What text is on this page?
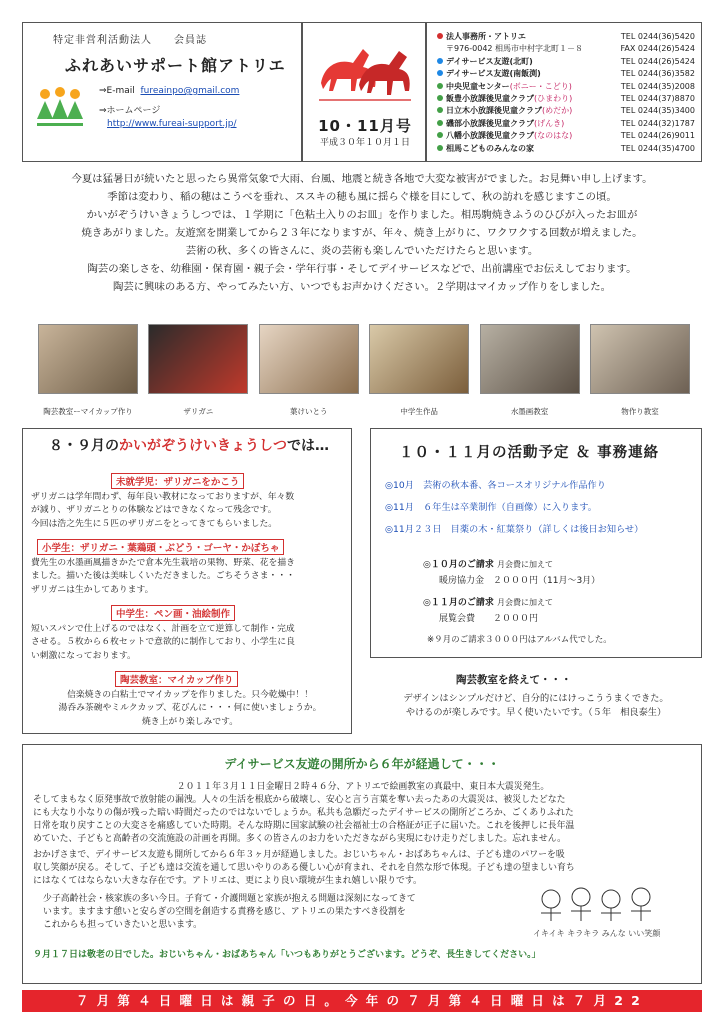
特定非営利活動法人　　会員誌
ふれあいサポート館アトリエ
⇒E-mail fureainpo@gmail.com
⇒ホームページ
http://www.fureai-support.jp/	10・11月号
平成３０年１０月１日
法人事務所・アトリエ	TEL 0244(36)5420
〒976-0042 相馬市中村字北町１－８	FAX 0244(26)5424
デイサービス友遊(北町)	TEL 0244(26)5424
デイサービス友遊(南飯渕)	TEL 0244(36)3582
中央児童センター(ボニー・こどり)	TEL 0244(35)2008
飯豊小放課後児童クラブ(ひまわり)	TEL 0244(37)8870
日立木小放課後児童クラブ(めだか)	TEL 0244(35)3400
磯部小放課後児童クラブ(げんき)	TEL 0244(32)1787
八幡小放課後児童クラブ(なのはな)	TEL 0244(26)9011
相馬こどものみんなの家	TEL 0244(35)4700
今夏は猛暑日が続いたと思ったら異常気象で大雨、台風、地震と続き各地で大変な被害がでました。お見舞い申し上げます。
季節は変わり、稲の穂はこうべを垂れ、ススキの穂も風に揺らぐ様を目にして、秋の訪れを感じますこの頃。
かいがぞうけいきょうしつでは、１学期に「色粘土入りのお皿」を作りました。相馬駒焼きふうのひびが入ったお皿が
焼きあがりました。友遊窯を開業してから２３年になりますが、年々、焼き上がりに、ワクワクする回数が増えました。
芸術の秋、多くの皆さんに、炎の芸術も楽しんでいただけたらと思います。
陶芸の楽しさを、幼稚園・保育園・親子会・学年行事・そしてデイサービスなどで、出前講座でお伝えしております。
陶芸に興味のある方、やってみたい方、いつでもお声かけください。２学期はマイカップ作りをしました。
陶芸教室ーマイカップ作り	ザリガニ	葉けいとう	中学生作品	水墨画教室	物作り教室
８・９月のかいがぞうけいきょうしつでは…
未就学児：ザリガニをかこう
ザリガニは学年問わず、毎年良い教材になっておりますが、年々数
が減り、ザリガニとりの体験などはできなくなって残念です。
今回は浩之先生に５匹のザリガニをとってきてもらいました。
小学生：ザリガニ・葉鶏頭・ぶどう・ゴーヤ・かぼちゃ
費先生の水墨画風描きかたで倉本先生栽培の果物、野菜、花を描き
ました。描いた後は美味しくいただきました。ごちそうさま・・・
ザリガニは生かしてあります。
中学生：ペン画・油絵制作
短いスパンで仕上げるのではなく、計画を立て逆算して制作・完成
させる。５枚から６枚セットで意欲的に制作しており、小学生に良
い刺激になっております。
陶芸教室：マイカップ作り
信楽焼きの白粘土でマイカップを作りました。只今乾燥中！！
湯呑み茶碗やミルクカップ、花びんに・・・何に使いましょうか。
焼き上がり楽しみです。
１０・１１月の活動予定 ＆ 事務連絡
◎10月　芸術の秋本番、各コースオリジナル作品作り
◎11月　６年生は卒業制作（自画像）に入ります。
◎11月２３日　目薬の木・紅葉祭り（詳しくは後日お知らせ）
◎１０月のご請求 月会費に加えて
暖房協力金　２０００円（11月～3月）
◎１１月のご請求 月会費に加えて
展覧会費　　２０００円
※９月のご請求３０００円はアルバム代でした。
陶芸教室を終えて・・・
デザインはシンプルだけど、自分的にはけっこううまくできた。
やけるのが楽しみです。早く使いたいです。（５年　相良泰生）
デイサービス友遊の開所から６年が経過して・・・
２０１１年３月１１日金曜日２時４６分、アトリエで絵画教室の真最中、東日本大震災発生。
そしてまもなく原発事故で放射能の漏洩。人々の生活を根底から破壊し、安心と言う言葉を奪い去ったあの大震災は、被災したどなた
にも大なり小なりの傷が残った暗い時間だったのではないでしょうか。私共も急願だったデイサービスの開所どころか、ごくありふれた
日常を取り戻すことの大変さを痛感していた時期。そんな時期に国家試験の社会福祉士の合格証が正子に届いた。これを後押しに長年温
めていた、子どもと高齢者の交流施設の計画を再開。多くの皆さんのお力をいただきながら実現にむけ走りだしました。忘れません。
おかげさまで、デイサービス友遊も開所してから６年３ヶ月が経過しました。おじいちゃん・おばあちゃんは、子ども達のパワーを吸
収し笑顔が戻る。そして、子ども達は交流を通して思いやりのある優しい心が育まれ、それを自然な形で体現。子ども達の望ましい育ち
にはなくてはならない大きな存在です。アトリエは、更により良い環境が生まれ嬉しい限りです。
少子高齢社会・核家族の多い今日。子育て・介護問題と家族が抱える問題は深刻になってきて
います。ますます憩いと安らぎの空間を創造する責務を感じ、アトリエの果たすべき役割を
これからも担っていきたいと思います。
イキイキ キラキラ みんな いい笑顔
９月１７日は敬老の日でした。おじいちゃん・おばあちゃん「いつもありがとうございます。どうぞ、長生きしてください。」
７月第４日曜日は親子の日。今年の７月第４日曜日は７月22
